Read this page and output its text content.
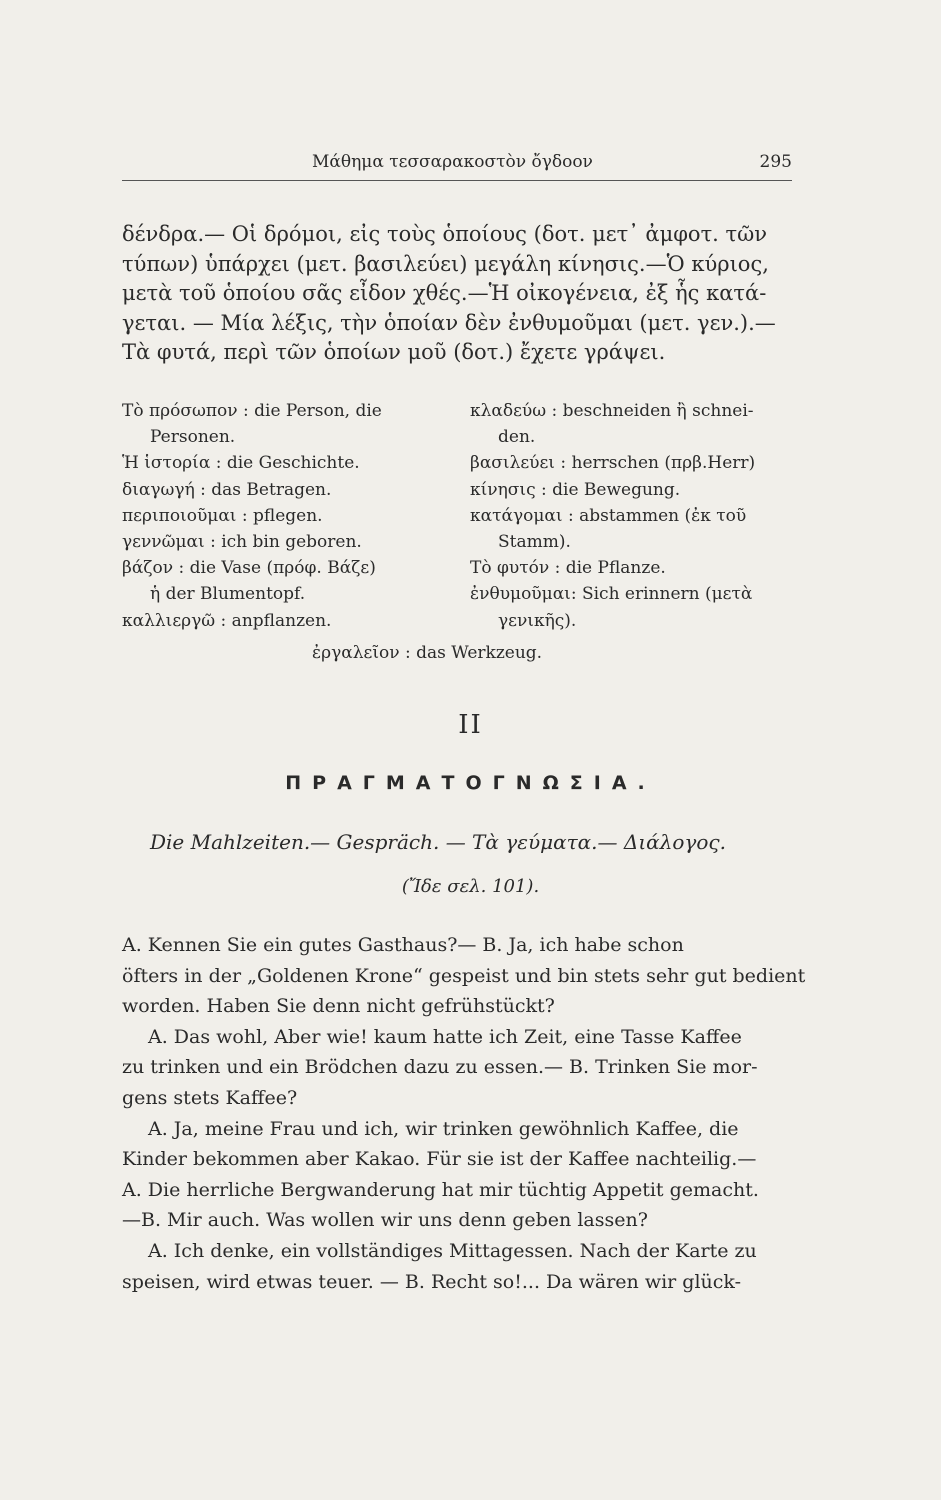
Μάθημα τεσσαρακοστὸν ὄγδοον	295

δένδρα.— Οἱ δρόμοι, εἰς τοὺς ὁποίους (δοτ. μετ᾽ ἀμφοτ. τῶν
τύπων) ὑπάρχει (μετ. βασιλεύει) μεγάλη κίνησις.—Ὁ κύριος,
μετὰ τοῦ ὁποίου σᾶς εἶδον χθές.—Ἡ οἰκογένεια, ἐξ ἧς κατά-
γεται. — Μία λέξις, τὴν ὁποίαν δὲν ἐνθυμοῦμαι (μετ. γεν.).—
Τὰ φυτά, περὶ τῶν ὁποίων μοῦ (δοτ.) ἔχετε γράψει.
Τὸ πρόσωπον : die Person, die
Personen.
Ἡ ἱστορία : die Geschichte.
διαγωγή : das Betragen.
περιποιοῦμαι : pflegen.
γεννῶμαι : ich bin geboren.
βάζον : die Vase (πρόφ. Βάζε)
ἡ der Blumentopf.
καλλιεργῶ : anpflanzen.
κλαδεύω : beschneiden ἢ schnei-
den.
βασιλεύει : herrschen (πρβ.Herr)
κίνησις : die Bewegung.
κατάγομαι : abstammen (ἐκ τοῦ
Stamm).
Τὸ φυτόν : die Pflanze.
ἐνθυμοῦμαι: Sich erinnern (μετὰ
γενικῆς).
ἐργαλεῖον : das Werkzeug.
II
ΠΡΑΓΜΑΤΟΓΝΩΣΙΑ.
Die Mahlzeiten.— Gespräch. — Τὰ γεύματα.— Διάλογος.
(Ἴδε σελ. 101).
A. Kennen Sie ein gutes Gasthaus?— B. Ja, ich habe schon
öfters in der „Goldenen Krone“ gespeist und bin stets sehr gut bedient
worden. Haben Sie denn nicht gefrühstückt?
A. Das wohl, Aber wie! kaum hatte ich Zeit, eine Tasse Kaffee
zu trinken und ein Brödchen dazu zu essen.— B. Trinken Sie mor-
gens stets Kaffee?
A. Ja, meine Frau und ich, wir trinken gewöhnlich Kaffee, die
Kinder bekommen aber Kakao. Für sie ist der Kaffee nachteilig.—
A. Die herrliche Bergwanderung hat mir tüchtig Appetit gemacht.
—B. Mir auch. Was wollen wir uns denn geben lassen?
A. Ich denke, ein vollständiges Mittagessen. Nach der Karte zu
speisen, wird etwas teuer. — B. Recht so!... Da wären wir glück-
